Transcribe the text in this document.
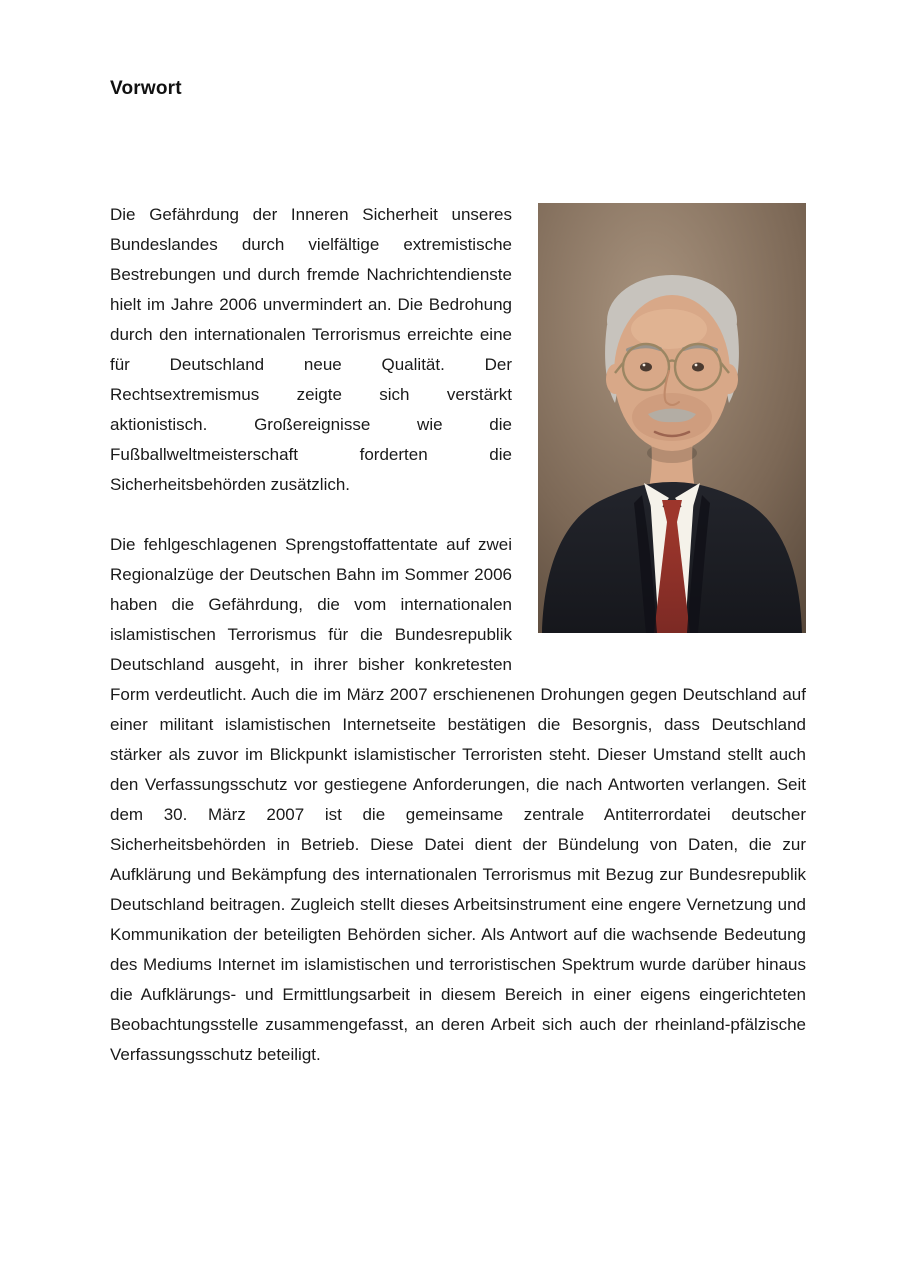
Vorwort

Die Gefährdung der Inneren Sicherheit unseres Bundeslandes durch vielfältige extremistische Bestrebungen und durch fremde Nachrichtendienste hielt im Jahre 2006 unvermindert an. Die Bedrohung durch den internationalen Terrorismus erreichte eine für Deutschland neue Qualität. Der Rechtsextremismus zeigte sich verstärkt aktionistisch. Großereignisse wie die Fußballweltmeisterschaft forderten die Sicherheitsbehörden zusätzlich.

Die fehlgeschlagenen Sprengstoffattentate auf zwei Regionalzüge der Deutschen Bahn im Sommer 2006 haben die Gefährdung, die vom internationalen islamistischen Terrorismus für die Bundesrepublik Deutschland ausgeht, in ihrer bisher konkretesten Form verdeutlicht. Auch die im März 2007 erschienenen Drohungen gegen Deutschland auf einer militant islamistischen Internetseite bestätigen die Besorgnis, dass Deutschland stärker als zuvor im Blickpunkt islamistischer Terroristen steht. Dieser Umstand stellt auch den Verfassungsschutz vor gestiegene Anforderungen, die nach Antworten verlangen. Seit dem 30. März 2007 ist die gemeinsame zentrale Antiterrordatei deutscher Sicherheitsbehörden in Betrieb. Diese Datei dient der Bündelung von Daten, die zur Aufklärung und Bekämpfung des internationalen Terrorismus mit Bezug zur Bundesrepublik Deutschland beitragen. Zugleich stellt dieses Arbeitsinstrument eine engere Vernetzung und Kommunikation der beteiligten Behörden sicher. Als Antwort auf die wachsende Bedeutung des Mediums Internet im islamistischen und terroristischen Spektrum wurde darüber hinaus die Aufklärungs- und Ermittlungsarbeit in diesem Bereich in einer eigens eingerichteten Beobachtungsstelle zusammengefasst, an deren Arbeit sich auch der rheinland-pfälzische Verfassungsschutz beteiligt.
